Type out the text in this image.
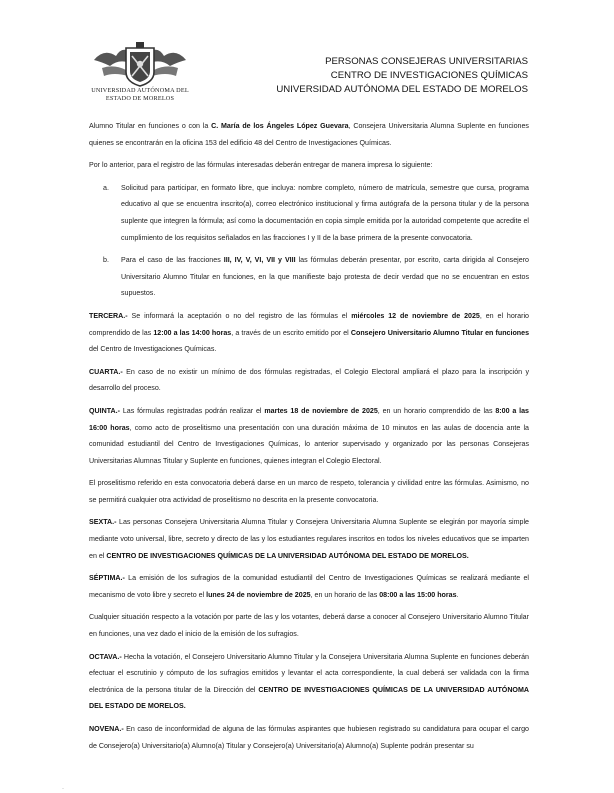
UNIVERSIDAD AUTÓNOMA DEL
ESTADO DE MORELOS
PERSONAS CONSEJERAS UNIVERSITARIAS
CENTRO DE INVESTIGACIONES QUÍMICAS
UNIVERSIDAD AUTÓNOMA DEL ESTADO DE MORELOS

Alumno Titular en funciones o con la C. María de los Ángeles López Guevara, Consejera Universitaria Alumna Suplente en funciones quienes se encontrarán en la oficina 153 del edificio 48 del Centro de Investigaciones Químicas.

Por lo anterior, para el registro de las fórmulas interesadas deberán entregar de manera impresa lo siguiente:

a. Solicitud para participar, en formato libre, que incluya: nombre completo, número de matrícula, semestre que cursa, programa educativo al que se encuentra inscrito(a), correo electrónico institucional y firma autógrafa de la persona titular y de la persona suplente que integren la fórmula; así como la documentación en copia simple emitida por la autoridad competente que acredite el cumplimiento de los requisitos señalados en las fracciones I y II de la base primera de la presente convocatoria.
b. Para el caso de las fracciones III, IV, V, VI, VII y VIII las fórmulas deberán presentar, por escrito, carta dirigida al Consejero Universitario Alumno Titular en funciones, en la que manifieste bajo protesta de decir verdad que no se encuentran en estos supuestos.

TERCERA.- Se informará la aceptación o no del registro de las fórmulas el miércoles 12 de noviembre de 2025, en el horario comprendido de las 12:00 a las 14:00 horas, a través de un escrito emitido por el Consejero Universitario Alumno Titular en funciones del Centro de Investigaciones Químicas.

CUARTA.- En caso de no existir un mínimo de dos fórmulas registradas, el Colegio Electoral ampliará el plazo para la inscripción y desarrollo del proceso.

QUINTA.- Las fórmulas registradas podrán realizar el martes 18 de noviembre de 2025, en un horario comprendido de las 8:00 a las 16:00 horas, como acto de proselitismo una presentación con una duración máxima de 10 minutos en las aulas de docencia ante la comunidad estudiantil del Centro de Investigaciones Químicas, lo anterior supervisado y organizado por las personas Consejeras Universitarias Alumnas Titular y Suplente en funciones, quienes integran el Colegio Electoral.

El proselitismo referido en esta convocatoria deberá darse en un marco de respeto, tolerancia y civilidad entre las fórmulas. Asimismo, no se permitirá cualquier otra actividad de proselitismo no descrita en la presente convocatoria.

SEXTA.- Las personas Consejera Universitaria Alumna Titular y Consejera Universitaria Alumna Suplente se elegirán por mayoría simple mediante voto universal, libre, secreto y directo de las y los estudiantes regulares inscritos en todos los niveles educativos que se imparten en el CENTRO DE INVESTIGACIONES QUÍMICAS DE LA UNIVERSIDAD AUTÓNOMA DEL ESTADO DE MORELOS.

SÉPTIMA.- La emisión de los sufragios de la comunidad estudiantil del Centro de Investigaciones Químicas se realizará mediante el mecanismo de voto libre y secreto el lunes 24 de noviembre de 2025, en un horario de las 08:00 a las 15:00 horas.

Cualquier situación respecto a la votación por parte de las y los votantes, deberá darse a conocer al Consejero Universitario Alumno Titular en funciones, una vez dado el inicio de la emisión de los sufragios.

OCTAVA.- Hecha la votación, el Consejero Universitario Alumno Titular y la Consejera Universitaria Alumna Suplente en funciones deberán efectuar el escrutinio y cómputo de los sufragios emitidos y levantar el acta correspondiente, la cual deberá ser validada con la firma electrónica de la persona titular de la Dirección del CENTRO DE INVESTIGACIONES QUÍMICAS DE LA UNIVERSIDAD AUTÓNOMA DEL ESTADO DE MORELOS.

NOVENA.- En caso de inconformidad de alguna de las fórmulas aspirantes que hubiesen registrado su candidatura para ocupar el cargo de Consejero(a) Universitario(a) Alumno(a) Titular y Consejero(a) Universitario(a) Alumno(a) Suplente podrán presentar su

·
